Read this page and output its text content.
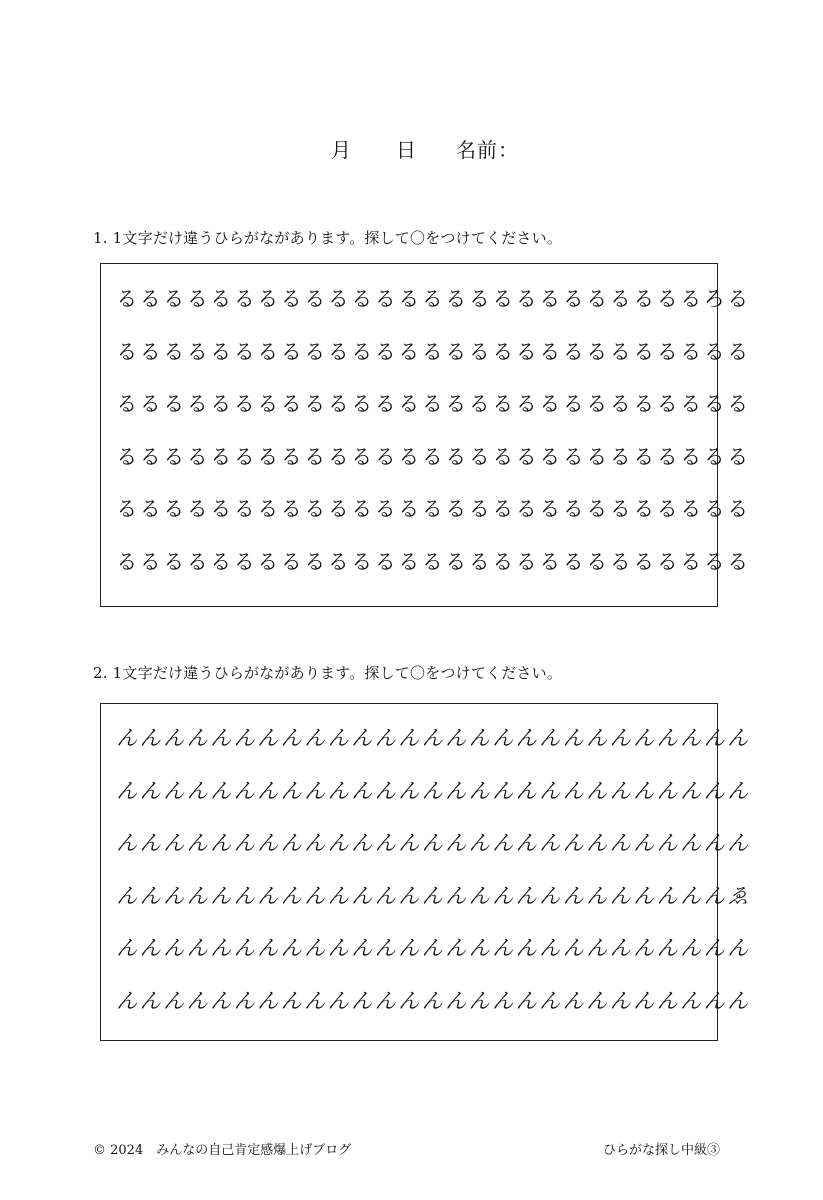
月 日 名前：
1. 1文字だけ違うひらがながあります。探して〇をつけてください。
る る る る る る る る る る る る る る る る る る る る る る る る る ろ る
る る る る る る る る る る る る る る る る る る る る る る る る る る る
る る る る る る る る る る る る る る る る る る る る る る る る る る る
る る る る る る る る る る る る る る る る る る る る る る る る る る る
る る る る る る る る る る る る る る る る る る る る る る る る る る る
る る る る る る る る る る る る る る る る る る る る る る る る る る る
2. 1文字だけ違うひらがながあります。探して〇をつけてください。
ん ん ん ん ん ん ん ん ん ん ん ん ん ん ん ん ん ん ん ん ん ん ん ん ん ん ん
ん ん ん ん ん ん ん ん ん ん ん ん ん ん ん ん ん ん ん ん ん ん ん ん ん ん ん
ん ん ん ん ん ん ん ん ん ん ん ん ん ん ん ん ん ん ん ん ん ん ん ん ん ん ん
ん ん ん ん ん ん ん ん ん ん ん ん ん ん ん ん ん ん ん ん ん ん ん ん ん ん ゑ
ん ん ん ん ん ん ん ん ん ん ん ん ん ん ん ん ん ん ん ん ん ん ん ん ん ん ん
ん ん ん ん ん ん ん ん ん ん ん ん ん ん ん ん ん ん ん ん ん ん ん ん ん ん ん
© 2024　みんなの自己肯定感爆上げブログ	ひらがな探し中級③
